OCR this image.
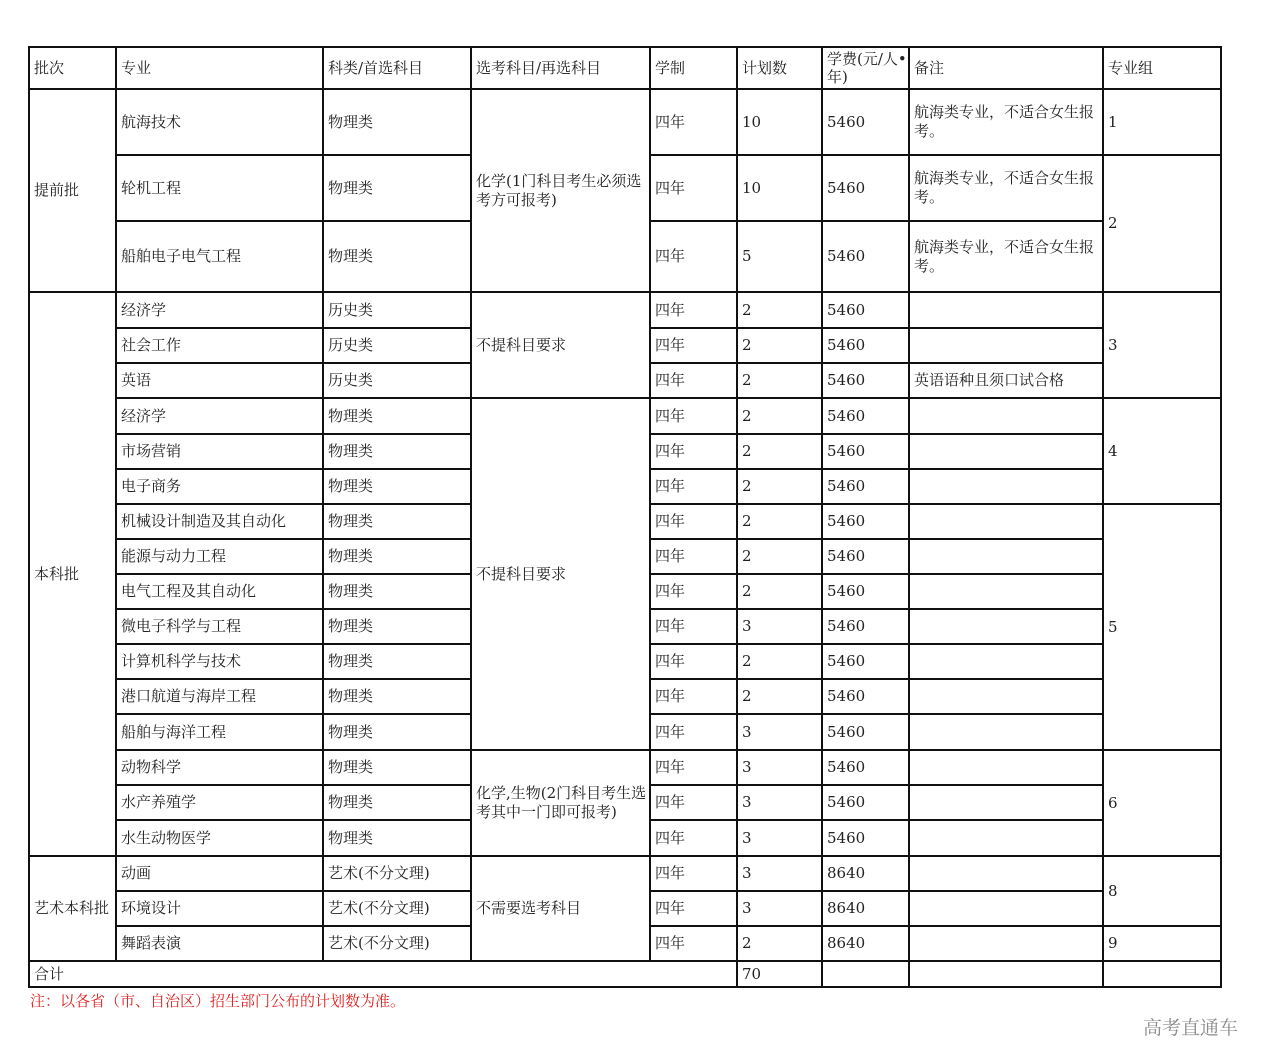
批次	专业	科类/首选科目	选考科目/再选科目	学制	计划数	学费(元/人•年)	备注	专业组
提前批	航海技术	物理类	化学(1门科目考生必须选考方可报考)	四年	10	5460	航海类专业，不适合女生报考。	1
	轮机工程	物理类		四年	10	5460	航海类专业，不适合女生报考。	2
	船舶电子电气工程	物理类		四年	5	5460	航海类专业，不适合女生报考。	
本科批	经济学	历史类	不提科目要求	四年	2	5460		3
	社会工作	历史类		四年	2	5460		
	英语	历史类		四年	2	5460	英语语种且须口试合格	
	经济学	物理类	不提科目要求	四年	2	5460		4
	市场营销	物理类		四年	2	5460		
	电子商务	物理类		四年	2	5460		
	机械设计制造及其自动化	物理类		四年	2	5460		5
	能源与动力工程	物理类		四年	2	5460		
	电气工程及其自动化	物理类		四年	2	5460		
	微电子科学与工程	物理类		四年	3	5460		
	计算机科学与技术	物理类		四年	2	5460		
	港口航道与海岸工程	物理类		四年	2	5460		
	船舶与海洋工程	物理类		四年	3	5460		
	动物科学	物理类	化学,生物(2门科目考生选考其中一门即可报考)	四年	3	5460		6
	水产养殖学	物理类		四年	3	5460		
	水生动物医学	物理类		四年	3	5460		
艺术本科批	动画	艺术(不分文理)	不需要选考科目	四年	3	8640		8
	环境设计	艺术(不分文理)		四年	3	8640		
	舞蹈表演	艺术(不分文理)		四年	2	8640		9
合计					70			
注：以各省（市、自治区）招生部门公布的计划数为准。
高考直通车
